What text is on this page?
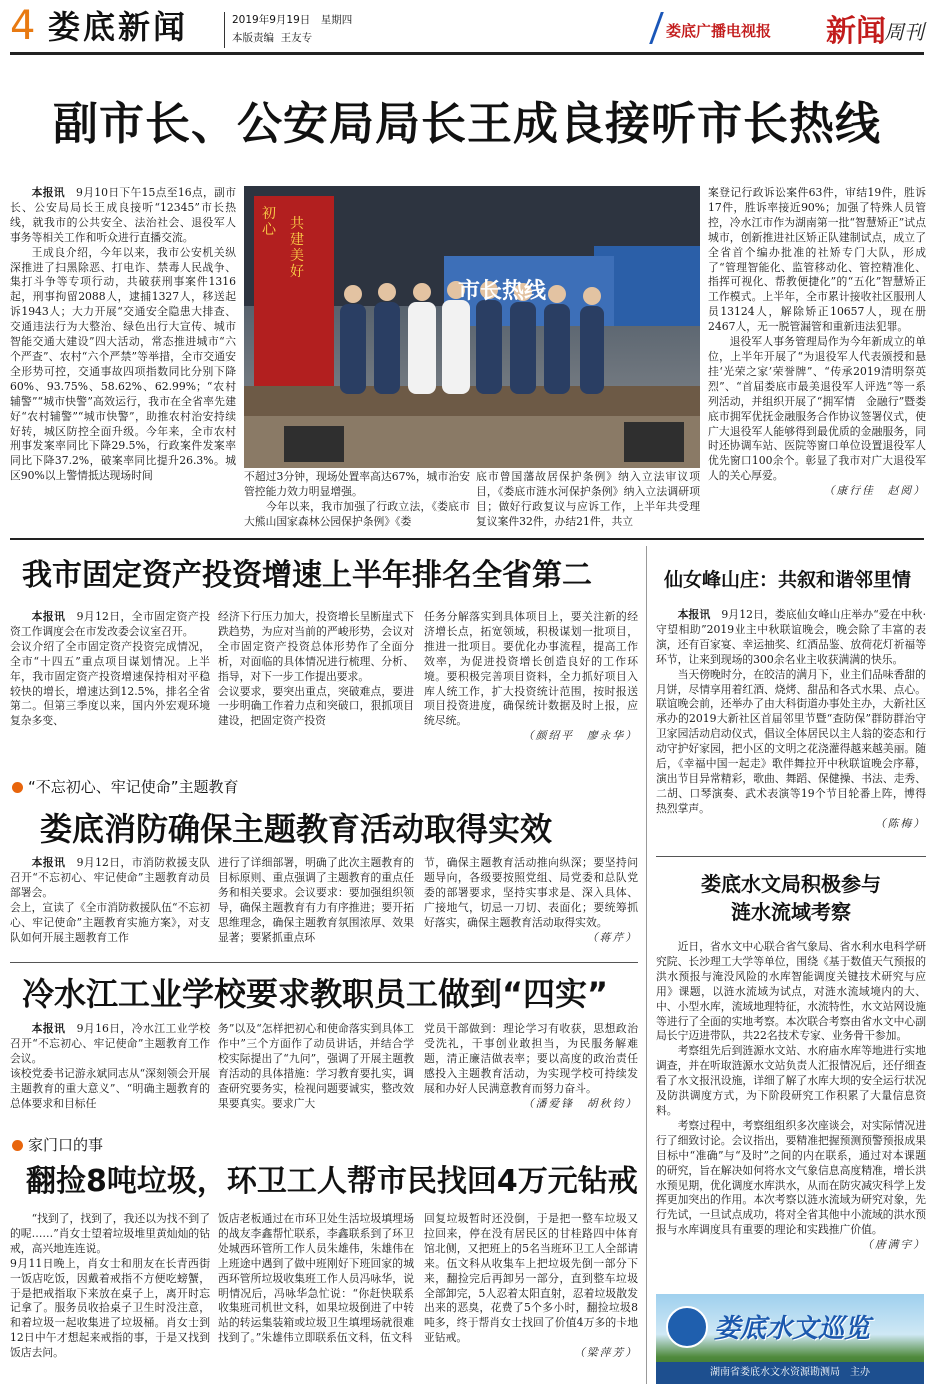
4 娄底新闻	2019年9月19日　星期四
本版责编  王友专	娄底广播电视报 新闻
周刊
副市长、公安局局长王成良接听市长热线

本报讯　 9月10日下午15点至16点，副市长、公安局局长王成良接听“12345”市长热线，就我市的公共安全、法治社会、退役军人事务等相关工作和听众进行直播交流。

王成良介绍，今年以来，我市公安机关纵深推进了扫黑除恶、打电诈、禁毒人民战争、集打斗争等专项行动，共破获刑事案件1316起，刑事拘留2088人，逮捕1327人，移送起诉1943人；大力开展“交通安全隐患大排查、交通违法行为大整治、绿色出行大宣传、城市智能交通大建设”四大活动，常态推进城市“六个严查”、农村“六个严禁”等举措，全市交通安全形势可控，交通事故四项指数同比分别下降60%、93.75%、58.62%、62.99%；“农村辅警”“城市快警”高效运行，我市在全省率先建好“农村辅警”“城市快警”，助推农村治安持续好转，城区防控全面升级。今年来，全市农村刑事发案率同比下降29.5%，行政案件发案率同比下降37.2%，破案率同比提升26.3%。城区90%以上警情抵达现场时间

市长热线
初心	共建美好

不超过3分钟，现场处置率高达67%，城市治安管控能力效力明显增强。
　　今年以来，我市加强了行政立法，《娄底市大熊山国家森林公园保护条例》《娄

底市曾国藩故居保护条例》纳入立法审议项目，《娄底市涟水河保护条例》纳入立法调研项目；做好行政复议与应诉工作，上半年共受理复议案件32件，办结21件，共立

案登记行政诉讼案件63件，审结19件，胜诉17件，胜诉率接近90%；加强了特殊人员管控，冷水江市作为湖南第一批“智慧矫正”试点城市，创新推进社区矫正队建制试点，成立了全省首个编办批准的社矫专门大队，形成了“管理智能化、监管移动化、管控精准化、指挥可视化、帮教便捷化”的“五化”智慧矫正工作模式。上半年，全市累计接收社区服刑人员13124人，解除矫正10657人，现在册2467人，无一脱管漏管和重新违法犯罪。

退役军人事务管理局作为今年新成立的单位，上半年开展了“为退役军人代表颁授和悬挂‘光荣之家’荣誉牌”、“传承2019清明祭英烈”、“首届娄底市最美退役军人评选”等一系列活动，并组织开展了“拥军情　金融行”暨娄底市拥军优抚金融服务合作协议签署仪式，使广大退役军人能够得到最优质的金融服务，同时还协调车站、医院等窗口单位设置退役军人优先窗口100余个。彰显了我市对广大退役军人的关心厚爱。

（康行佳　赵阅）

我市固定资产投资增速上半年排名全省第二

本报讯　 9月12日，全市固定资产投资工作调度会在市发改委会议室召开。
会议介绍了全市固定资产投资完成情况，全市“十四五”重点项目谋划情况。上半年，我市固定资产投资增速保持相对平稳较快的增长，增速达到12.5%，排名全省第二。但第三季度以来，国内外宏观环境复杂多变、

经济下行压力加大，投资增长呈断崖式下跌趋势，为应对当前的严峻形势，会议对全市固定资产投资总体形势作了全面分析，对面临的具体情况进行梳理、分析、指导，对下一步工作提出要求。
会议要求，要突出重点，突破难点，要进一步明确工作着力点和突破口，狠抓项目建设，把固定资产投资

任务分解落实到具体项目上，要关注新的经济增长点，拓宽领域，积极谋划一批项目，推进一批项目。要优化办事流程，提高工作效率，为促进投资增长创造良好的工作环境。要积极完善项目资料，全力抓好项目入库人统工作，扩大投资统计范围，按时报送项目投资进度，确保统计数据及时上报，应统尽统。

（颜绍平　廖永华）

“不忘初心、牢记使命”主题教育
娄底消防确保主题教育活动取得实效

本报讯　 9月12日，市消防救援支队召开“不忘初心、牢记使命”主题教育动员部署会。
会上，宣读了《全市消防救援队伍“不忘初心、牢记使命”主题教育实施方案》，对支队如何开展主题教育工作

进行了详细部署，明确了此次主题教育的目标原则、重点强调了主题教育的重点任务和相关要求。会议要求：要加强组织领导，确保主题教育有力有序推进；要开拓思维理念，确保主题教育氛围浓厚、效果显著；要紧抓重点环

节，确保主题教育活动推向纵深；要坚持问题导向，各级要按照党组、局党委和总队党委的部署要求，坚持实事求是、深入具体、广接地气，切忌一刀切、表面化；要统筹抓好落实，确保主题教育活动取得实效。

（蒋芹）

冷水江工业学校要求教职员工做到“四实”

本报讯　 9月16日，冷水江工业学校召开“不忘初心、牢记使命”主题教育工作会议。
该校党委书记游永斌同志从“深刻领会开展主题教育的重大意义”、“明确主题教育的总体要求和目标任

务”以及“怎样把初心和使命落实到具体工作中”三个方面作了动员讲话，并结合学校实际提出了“九问”，强调了开展主题教育活动的具体措施：学习教育要扎实，调查研究要务实，检视问题要诚实，整改效果要真实。要求广大

党员干部做到：理论学习有收获，思想政治受洗礼，干事创业敢担当，为民服务解难题，清正廉洁做表率；要以高度的政治责任感投入主题教育活动，为实现学校可持续发展和办好人民满意教育而努力奋斗。

（潘爱锋　胡秋钧）

家门口的事
翻捡8吨垃圾，环卫工人帮市民找回4万元钻戒

“找到了，找到了，我还以为找不到了的呢……”肖女士望着垃圾堆里黄灿灿的钻戒，高兴地连连说。
9月11日晚上，肖女士和朋友在长青西街一饭店吃饭，因戴着戒指不方便吃螃蟹，于是把戒指取下来放在桌子上，离开时忘记拿了。服务员收拾桌子卫生时没注意，和着垃圾一起收集进了垃圾桶。肖女士到12日中午才想起来戒指的事，于是又找到饭店去问。

饭店老板通过在市环卫处生活垃圾填埋场的战友李鑫帮忙联系，李鑫联系到了环卫处城西环管所工作人员朱雄伟，朱雄伟在上班途中遇到了做中班刚好下班回家的城西环管所垃圾收集班工作人员冯咏华，说明情况后，冯咏华急忙说：“你赶快联系收集班司机世文科，如果垃圾倒进了中转站的转运集装箱或垃圾卫生填埋场就很难找到了。”朱雄伟立即联系伍文科，伍文科

回复垃圾暂时还没倒，于是把一整车垃圾又拉回来，停在没有居民区的甘桂路四中体育馆北侧，又把班上的5名当班环卫工人全部请来。伍文科从收集车上把垃圾先倒一部分下来，翻捡完后再卸另一部分，直到整车垃圾全部卸完，5人忍着太阳直射，忍着垃圾散发出来的恶臭，花费了5个多小时，翻捡垃圾8吨多，终于帮肖女士找回了价值4万多的卡地亚钻戒。

（梁萍芳）

仙女峰山庄：共叙和谐邻里情

本报讯　 9月12日，娄底仙女峰山庄举办“爱在中秋·守望相助”2019业主中秋联谊晚会，晚会除了丰富的表演，还有百家宴、幸运抽奖、红酒品鉴、放荷花灯祈福等环节，让来到现场的300余名业主收获满满的快乐。

当天傍晚时分，在皎洁的满月下，业主们品味香甜的月饼，尽情享用着红酒、烧烤、甜品和各式水果、点心。联谊晚会前，还举办了由大科街道办事处主办，大新社区承办的2019大新社区首届邻里节暨“查防保”群防群治守卫家园活动启动仪式，倡议全体居民以主人翁的姿态和行动守护好家园，把小区的文明之花浇灌得越来越美丽。随后，《幸福中国一起走》歌伴舞拉开中秋联谊晚会序幕，演出节目异常精彩，歌曲、舞蹈、保健操、书法、走秀、二胡、口琴演奏、武术表演等19个节目轮番上阵，博得热烈掌声。

（陈梅）

娄底水文局积极参与
涟水流域考察

近日，省水文中心联合省气象局、省水利水电科学研究院、长沙理工大学等单位，围绕《基于数值天气预报的洪水预报与淹没风险的水库智能调度关键技术研究与应用》课题，以涟水流域为试点，对涟水流域境内的大、中、小型水库，流域地理特征，水流特性，水文站网设施等进行了全面的实地考察。本次联合考察由省水文中心副局长宁迈进带队，共22名技术专家、业务骨干参加。

考察组先后到涟源水文站、水府庙水库等地进行实地调查，并在听取涟源水文站负责人汇报情况后，还仔细查看了水文报汛设施，详细了解了水库大坝的安全运行状况及防洪调度方式，为下阶段研究工作积累了大量信息资料。

考察过程中，考察组组织多次座谈会，对实际情况进行了细致讨论。会议指出，要精准把握预测预警预报成果目标中“准确”与“及时”之间的内在联系，通过对本课题的研究，旨在解决如何将水文气象信息高度精准，增长洪水预见期，优化调度水库洪水，从而在防灾减灾科学上发挥更加突出的作用。本次考察以涟水流域为研究对象，先行先试，一旦试点成功，将对全省其他中小流域的洪水预报与水库调度具有重要的理论和实践推广价值。

（唐满宇）

娄底水文巡览
湖南省娄底水文水资源勘测局　主办
